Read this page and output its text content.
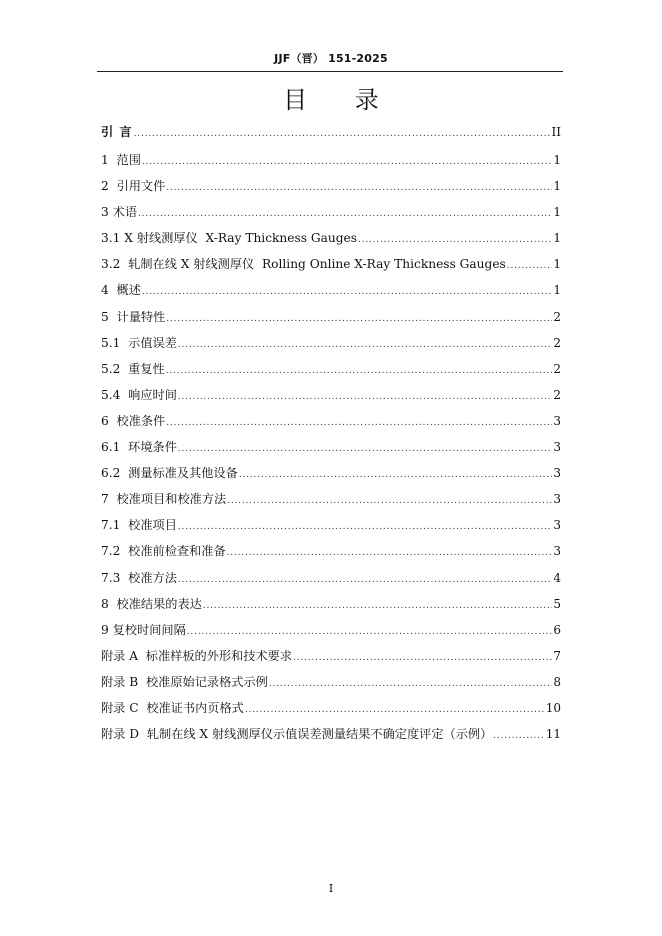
JJF（晋） 151-2025
目 录
引 言 .....	II
1  范围 .....	1
2  引用文件 .....	1
3 术语 .....	1
3.1 X 射线测厚仪  X-Ray Thickness Gauges .....	1
3.2  轧制在线 X 射线测厚仪  Rolling Online X-Ray Thickness Gauges .....	1
4  概述 .....	1
5  计量特性 .....	2
5.1  示值误差 .....	2
5.2  重复性 .....	2
5.4  响应时间 .....	2
6  校准条件 .....	3
6.1  环境条件 .....	3
6.2  测量标准及其他设备 .....	3
7  校准项目和校准方法 .....	3
7.1  校准项目 .....	3
7.2  校准前检查和准备 .....	3
7.3  校准方法 .....	4
8  校准结果的表达 .....	5
9 复校时间间隔 .....	6
附录 A  标准样板的外形和技术要求 .....	7
附录 B  校准原始记录格式示例 .....	8
附录 C  校准证书内页格式 .....	10
附录 D  轧制在线 X 射线测厚仪示值误差测量结果不确定度评定（示例） .....	11
I
